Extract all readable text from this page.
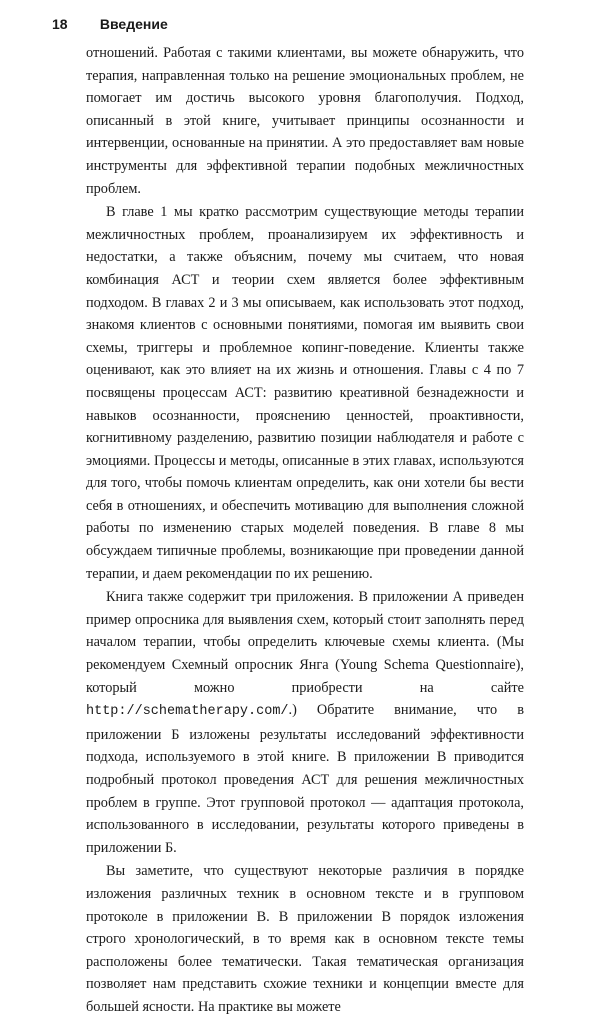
18 Введение

отношений. Работая с такими клиентами, вы можете обнаружить, что терапия, направленная только на решение эмоциональных проблем, не помогает им достичь высокого уровня благополучия. Подход, описанный в этой книге, учитывает принципы осознанности и интервенции, основанные на принятии. А это предоставляет вам новые инструменты для эффективной терапии подобных межличностных проблем.

В главе 1 мы кратко рассмотрим существующие методы терапии межличностных проблем, проанализируем их эффективность и недостатки, а также объясним, почему мы считаем, что новая комбинация АСТ и теории схем является более эффективным подходом. В главах 2 и 3 мы описываем, как использовать этот подход, знакомя клиентов с основными понятиями, помогая им выявить свои схемы, триггеры и проблемное копинг-поведение. Клиенты также оценивают, как это влияет на их жизнь и отношения. Главы с 4 по 7 посвящены процессам АСТ: развитию креативной безнадежности и навыков осознанности, прояснению ценностей, проактивности, когнитивному разделению, развитию позиции наблюдателя и работе с эмоциями. Процессы и методы, описанные в этих главах, используются для того, чтобы помочь клиентам определить, как они хотели бы вести себя в отношениях, и обеспечить мотивацию для выполнения сложной работы по изменению старых моделей поведения. В главе 8 мы обсуждаем типичные проблемы, возникающие при проведении данной терапии, и даем рекомендации по их решению.

Книга также содержит три приложения. В приложении А приведен пример опросника для выявления схем, который стоит заполнять перед началом терапии, чтобы определить ключевые схемы клиента. (Мы рекомендуем Схемный опросник Янга (Young Schema Questionnaire), который можно приобрести на сайте http://schematherapy.com/.) Обратите внимание, что в приложении Б изложены результаты исследований эффективности подхода, используемого в этой книге. В приложении В приводится подробный протокол проведения АСТ для решения межличностных проблем в группе. Этот групповой протокол — адаптация протокола, использованного в исследовании, результаты которого приведены в приложении Б.

Вы заметите, что существуют некоторые различия в порядке изложения различных техник в основном тексте и в групповом протоколе в приложении В. В приложении В порядок изложения строго хронологический, в то время как в основном тексте темы расположены более тематически. Такая тематическая организация позволяет нам представить схожие техники и концепции вместе для большей ясности. На практике вы можете
